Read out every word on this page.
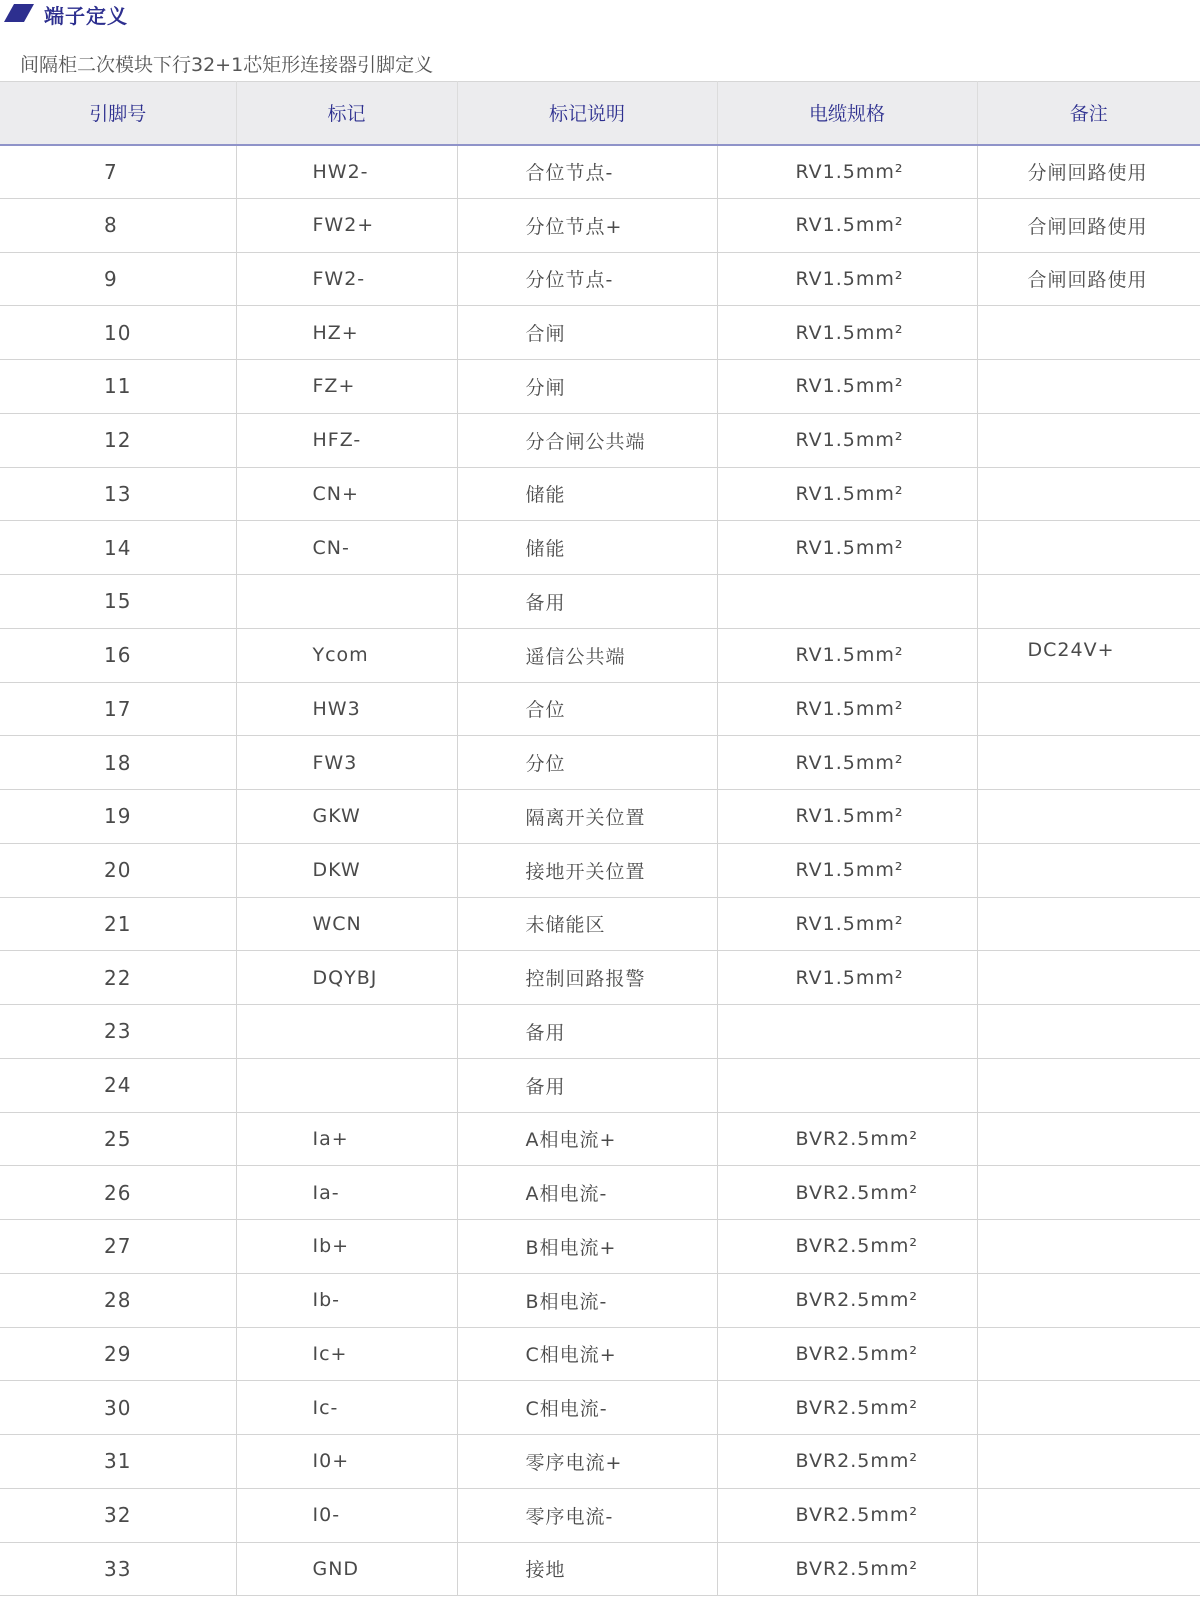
端子定义
间隔柜二次模块下行32+1芯矩形连接器引脚定义
引脚号	标记	标记说明	电缆规格	备注
7	HW2-	合位节点-	RV1.5mm²	分闸回路使用
8	FW2+	分位节点+	RV1.5mm²	合闸回路使用
9	FW2-	分位节点-	RV1.5mm²	合闸回路使用
10	HZ+	合闸	RV1.5mm²	
11	FZ+	分闸	RV1.5mm²	
12	HFZ-	分合闸公共端	RV1.5mm²	
13	CN+	储能	RV1.5mm²	
14	CN-	储能	RV1.5mm²	
15		备用		
16	Ycom	遥信公共端	RV1.5mm²	DC24V+
17	HW3	合位	RV1.5mm²	
18	FW3	分位	RV1.5mm²	
19	GKW	隔离开关位置	RV1.5mm²	
20	DKW	接地开关位置	RV1.5mm²	
21	WCN	未储能区	RV1.5mm²	
22	DQYBJ	控制回路报警	RV1.5mm²	
23		备用		
24		备用		
25	Ia+	A相电流+	BVR2.5mm²	
26	Ia-	A相电流-	BVR2.5mm²	
27	Ib+	B相电流+	BVR2.5mm²	
28	Ib-	B相电流-	BVR2.5mm²	
29	Ic+	C相电流+	BVR2.5mm²	
30	Ic-	C相电流-	BVR2.5mm²	
31	I0+	零序电流+	BVR2.5mm²	
32	I0-	零序电流-	BVR2.5mm²	
33	GND	接地	BVR2.5mm²	
